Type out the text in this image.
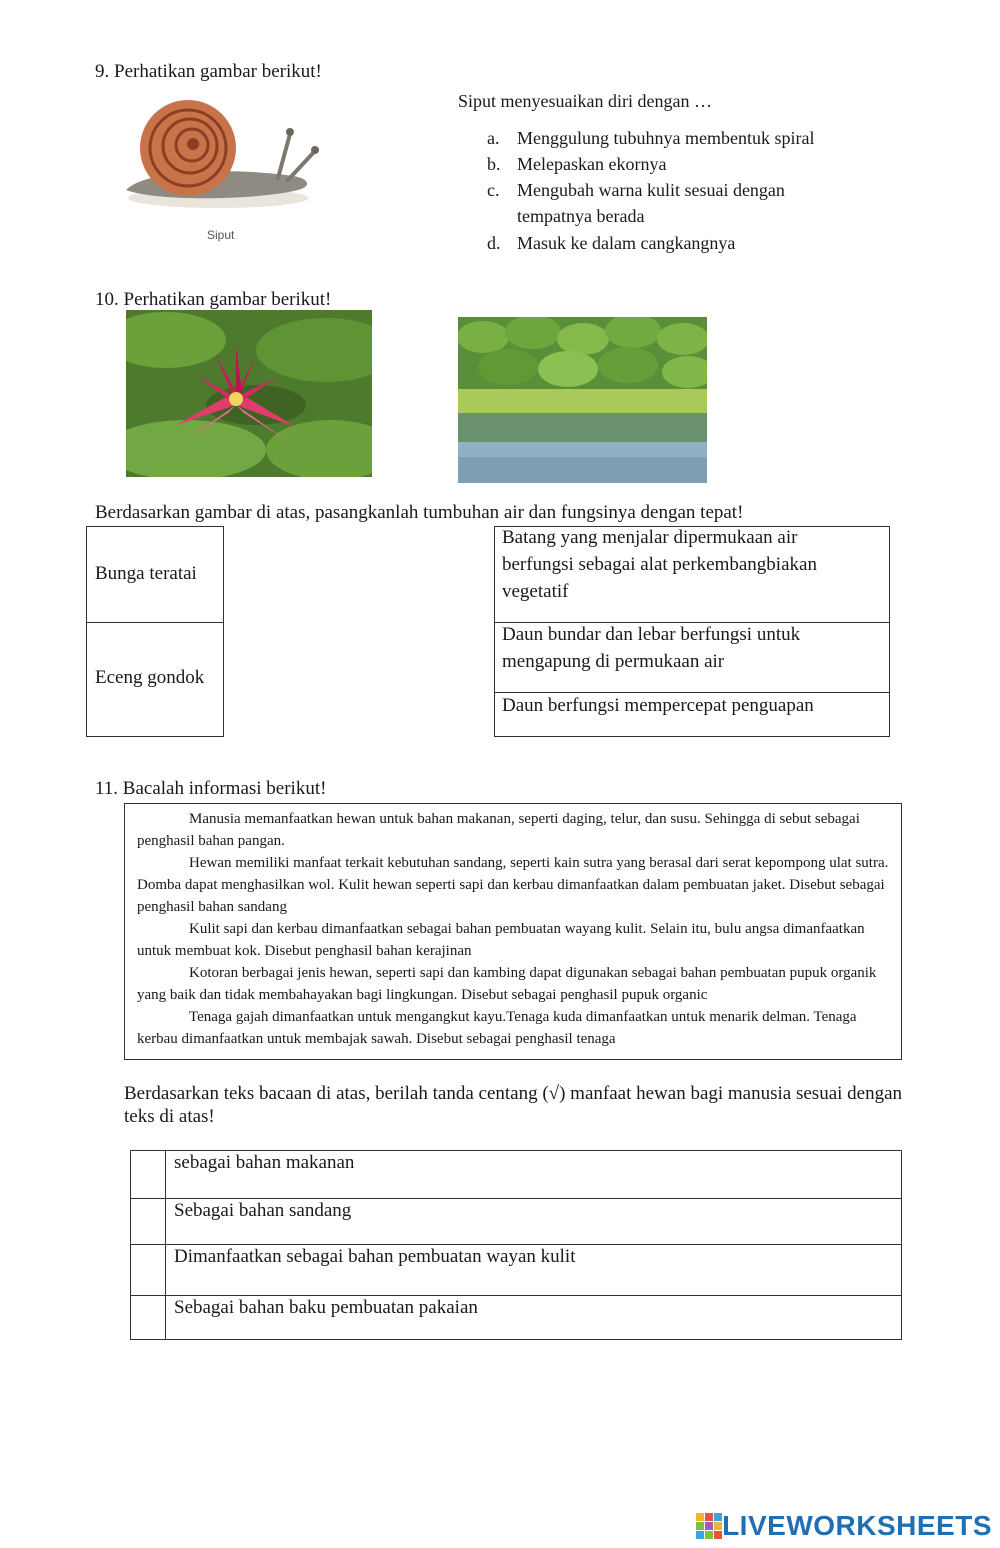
9. Perhatikan gambar berikut!
Siput
Siput menyesuaikan diri dengan …
a. Menggulung tubuhnya membentuk spiral
b. Melepaskan ekornya
c. Mengubah warna kulit sesuai dengan
tempatnya berada
d. Masuk ke dalam cangkangnya
10. Perhatikan gambar berikut!
Berdasarkan gambar di atas, pasangkanlah tumbuhan air dan fungsinya dengan tepat!
Bunga teratai
Eceng gondok
Batang yang menjalar dipermukaan air
berfungsi sebagai alat perkembangbiakan
vegetatif
Daun bundar dan lebar berfungsi untuk
mengapung di permukaan air
Daun berfungsi mempercepat penguapan
11. Bacalah informasi berikut!
Manusia memanfaatkan hewan untuk bahan makanan, seperti daging, telur, dan susu. Sehingga di sebut sebagai penghasil bahan pangan.
Hewan memiliki manfaat terkait kebutuhan sandang, seperti kain sutra yang berasal dari serat kepompong ulat sutra. Domba dapat menghasilkan wol. Kulit hewan seperti sapi dan kerbau dimanfaatkan dalam pembuatan jaket. Disebut sebagai penghasil bahan sandang
Kulit sapi dan kerbau dimanfaatkan sebagai bahan pembuatan wayang kulit. Selain itu, bulu angsa dimanfaatkan untuk membuat kok. Disebut penghasil bahan kerajinan
Kotoran berbagai jenis hewan, seperti sapi dan kambing dapat digunakan sebagai bahan pembuatan pupuk organik yang baik dan tidak membahayakan bagi lingkungan. Disebut sebagai penghasil pupuk organic
Tenaga gajah dimanfaatkan untuk mengangkut kayu.Tenaga kuda dimanfaatkan untuk menarik delman. Tenaga kerbau dimanfaatkan untuk membajak sawah. Disebut sebagai penghasil tenaga
Berdasarkan teks bacaan di atas, berilah tanda centang (√) manfaat hewan bagi manusia sesuai dengan
teks di atas!
sebagai bahan makanan
Sebagai bahan sandang
Dimanfaatkan sebagai bahan pembuatan wayan kulit
Sebagai bahan baku pembuatan pakaian
LIVEWORKSHEETS
